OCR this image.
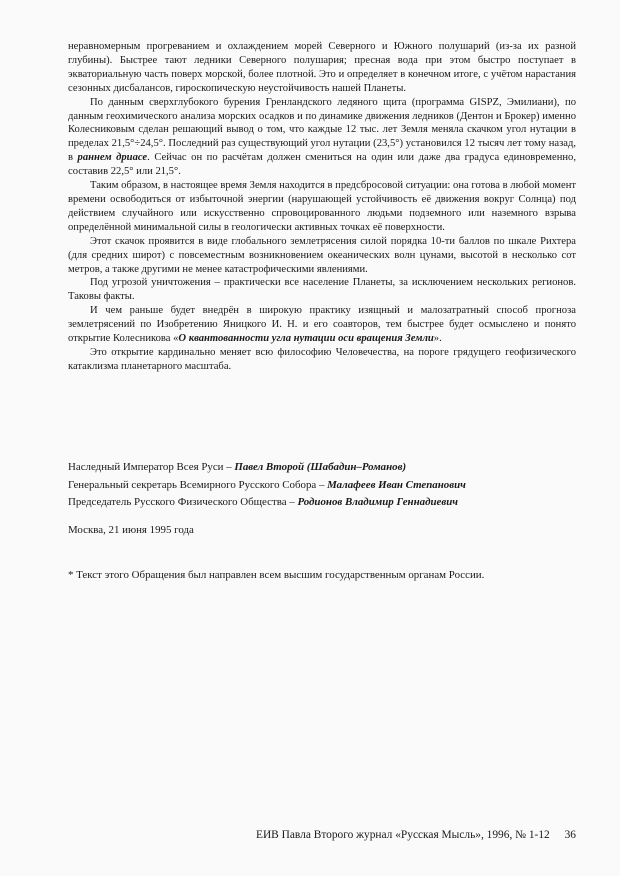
неравномерным прогреванием и охлаждением морей Северного и Южного полушарий (из-за их разной глубины). Быстрее тают ледники Северного полушария; пресная вода при этом быстро поступает в экваториальную часть поверх морской, более плотной. Это и определяет в конечном итоге, с учётом нарастания сезонных дисбалансов, гироскопическую неустойчивость нашей Планеты.

По данным сверхглубокого бурения Гренландского ледяного щита (программа GISPZ, Эмилиани), по данным геохимического анализа морских осадков и по динамике движения ледников (Дентон и Брокер) именно Колесниковым сделан решающий вывод о том, что каждые 12 тыс. лет Земля меняла скачком угол нутации в пределах 21,5°÷24,5°. Последний раз существующий угол нутации (23,5°) установился 12 тысяч лет тому назад, в раннем дриасе. Сейчас он по расчётам должен смениться на один или даже два градуса единовременно, составив 22,5° или 21,5°.

Таким образом, в настоящее время Земля находится в предсбросовой ситуации: она готова в любой момент времени освободиться от избыточной энергии (нарушающей устойчивость её движения вокруг Солнца) под действием случайного или искусственно спровоцированного людьми подземного или наземного взрыва определённой минимальной силы в геологически активных точках её поверхности.

Этот скачок проявится в виде глобального землетрясения силой порядка 10-ти баллов по шкале Рихтера (для средних широт) с повсеместным возникновением океанических волн цунами, высотой в несколько сот метров, а также другими не менее катастрофическими явлениями.

Под угрозой уничтожения – практически все население Планеты, за исключением нескольких регионов. Таковы факты.

И чем раньше будет внедрён в широкую практику изящный и малозатратный способ прогноза землетрясений по Изобретению Яницкого И. Н. и его соавторов, тем быстрее будет осмыслено и понято открытие Колесникова «О квантованности угла нутации оси вращения Земли».

Это открытие кардинально меняет всю философию Человечества, на пороге грядущего геофизического катаклизма планетарного масштаба.

Наследный Император Всея Руси – Павел Второй (Шабадин–Романов)
Генеральный секретарь Всемирного Русского Собора – Малафеев Иван Степанович
Председатель Русского Физического Общества – Родионов Владимир Геннадиевич
Москва, 21 июня 1995 года
* Текст этого Обращения был направлен всем высшим государственным органам России.
ЕИВ Павла Второго журнал «Русская Мысль», 1996, № 1-12 36
